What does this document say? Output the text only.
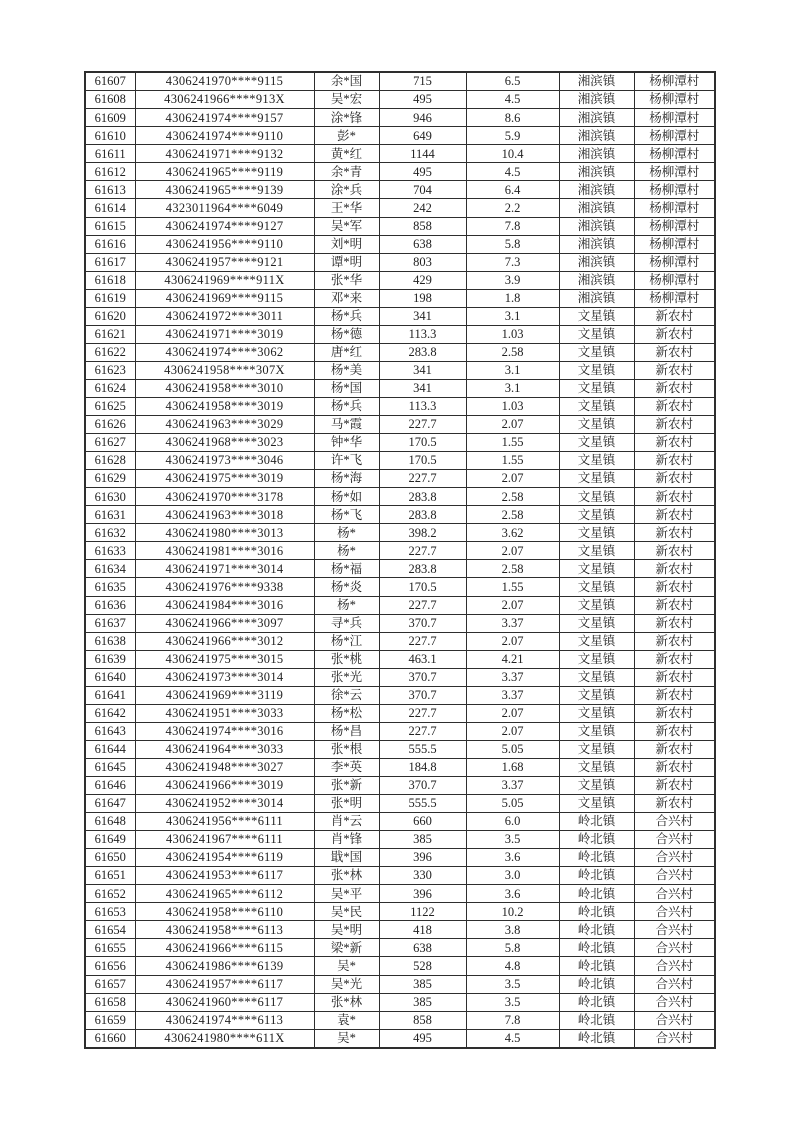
61607	4306241970****9115	余*国	715	6.5	湘滨镇	杨柳潭村
61608	4306241966****913X	吴*宏	495	4.5	湘滨镇	杨柳潭村
61609	4306241974****9157	涂*锋	946	8.6	湘滨镇	杨柳潭村
61610	4306241974****9110	彭*	649	5.9	湘滨镇	杨柳潭村
61611	4306241971****9132	黄*红	1144	10.4	湘滨镇	杨柳潭村
61612	4306241965****9119	余*青	495	4.5	湘滨镇	杨柳潭村
61613	4306241965****9139	涂*兵	704	6.4	湘滨镇	杨柳潭村
61614	4323011964****6049	王*华	242	2.2	湘滨镇	杨柳潭村
61615	4306241974****9127	吴*军	858	7.8	湘滨镇	杨柳潭村
61616	4306241956****9110	刘*明	638	5.8	湘滨镇	杨柳潭村
61617	4306241957****9121	谭*明	803	7.3	湘滨镇	杨柳潭村
61618	4306241969****911X	张*华	429	3.9	湘滨镇	杨柳潭村
61619	4306241969****9115	邓*来	198	1.8	湘滨镇	杨柳潭村
61620	4306241972****3011	杨*兵	341	3.1	文星镇	新农村
61621	4306241971****3019	杨*德	113.3	1.03	文星镇	新农村
61622	4306241974****3062	唐*红	283.8	2.58	文星镇	新农村
61623	4306241958****307X	杨*美	341	3.1	文星镇	新农村
61624	4306241958****3010	杨*国	341	3.1	文星镇	新农村
61625	4306241958****3019	杨*兵	113.3	1.03	文星镇	新农村
61626	4306241963****3029	马*霞	227.7	2.07	文星镇	新农村
61627	4306241968****3023	钟*华	170.5	1.55	文星镇	新农村
61628	4306241973****3046	许*飞	170.5	1.55	文星镇	新农村
61629	4306241975****3019	杨*海	227.7	2.07	文星镇	新农村
61630	4306241970****3178	杨*如	283.8	2.58	文星镇	新农村
61631	4306241963****3018	杨*飞	283.8	2.58	文星镇	新农村
61632	4306241980****3013	杨*	398.2	3.62	文星镇	新农村
61633	4306241981****3016	杨*	227.7	2.07	文星镇	新农村
61634	4306241971****3014	杨*福	283.8	2.58	文星镇	新农村
61635	4306241976****9338	杨*炎	170.5	1.55	文星镇	新农村
61636	4306241984****3016	杨*	227.7	2.07	文星镇	新农村
61637	4306241966****3097	寻*兵	370.7	3.37	文星镇	新农村
61638	4306241966****3012	杨*江	227.7	2.07	文星镇	新农村
61639	4306241975****3015	张*桃	463.1	4.21	文星镇	新农村
61640	4306241973****3014	张*光	370.7	3.37	文星镇	新农村
61641	4306241969****3119	徐*云	370.7	3.37	文星镇	新农村
61642	4306241951****3033	杨*松	227.7	2.07	文星镇	新农村
61643	4306241974****3016	杨*昌	227.7	2.07	文星镇	新农村
61644	4306241964****3033	张*根	555.5	5.05	文星镇	新农村
61645	4306241948****3027	李*英	184.8	1.68	文星镇	新农村
61646	4306241966****3019	张*新	370.7	3.37	文星镇	新农村
61647	4306241952****3014	张*明	555.5	5.05	文星镇	新农村
61648	4306241956****6111	肖*云	660	6.0	岭北镇	合兴村
61649	4306241967****6111	肖*锋	385	3.5	岭北镇	合兴村
61650	4306241954****6119	戢*国	396	3.6	岭北镇	合兴村
61651	4306241953****6117	张*林	330	3.0	岭北镇	合兴村
61652	4306241965****6112	吴*平	396	3.6	岭北镇	合兴村
61653	4306241958****6110	吴*民	1122	10.2	岭北镇	合兴村
61654	4306241958****6113	吴*明	418	3.8	岭北镇	合兴村
61655	4306241966****6115	梁*新	638	5.8	岭北镇	合兴村
61656	4306241986****6139	吴*	528	4.8	岭北镇	合兴村
61657	4306241957****6117	吴*光	385	3.5	岭北镇	合兴村
61658	4306241960****6117	张*林	385	3.5	岭北镇	合兴村
61659	4306241974****6113	袁*	858	7.8	岭北镇	合兴村
61660	4306241980****611X	吴*	495	4.5	岭北镇	合兴村
